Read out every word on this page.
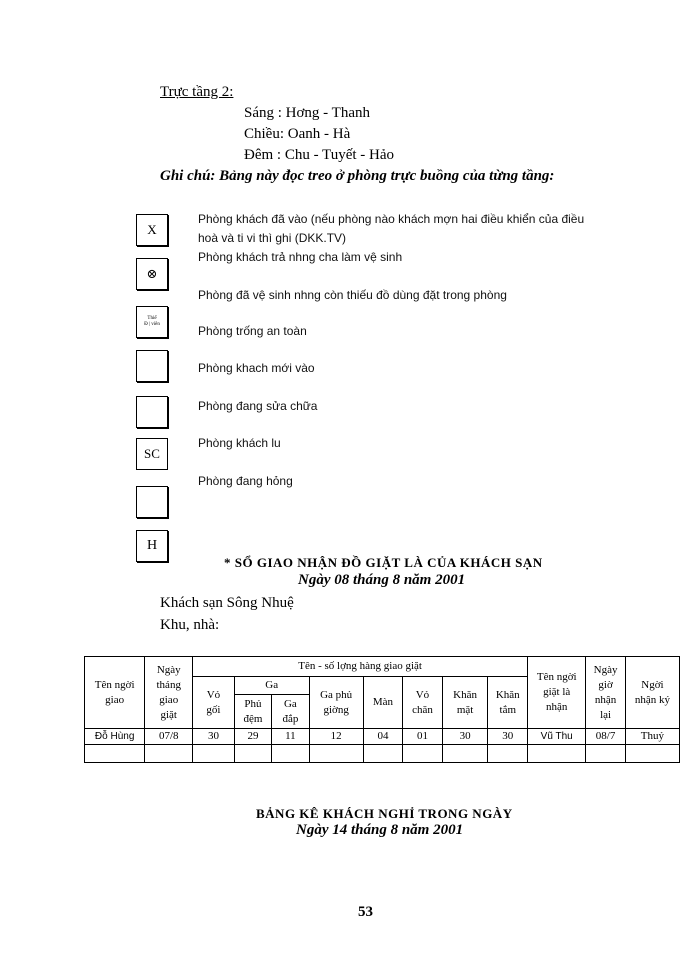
Trực tầng 2:
Sáng : Hơng - Thanh
Chiều: Oanh - Hà
Đêm : Chu - Tuyết - Hảo
Ghi chú: Bảng này đọc treo ở phòng trực buồng của từng tầng:
X
⊗
Thiế
Đ | viên
SC
H
Phòng khách đã vào (nếu phòng nào khách mợn hai điều khiển của điều
hoà và ti vi thì ghi (DKK.TV)
Phòng khách trả nhng cha làm vệ sinh
Phòng đã vệ sinh nhng còn thiếu đồ dùng đặt trong phòng
Phòng trống an toàn
Phòng khach mới vào
Phòng đang sửa chữa
Phòng khách lu
Phòng đang hỏng
* SỔ GIAO NHẬN ĐỒ GIẶT LÀ CỦA KHÁCH SẠN
Ngày 08 tháng 8 năm 2001
Khách sạn Sông Nhuệ
Khu, nhà:
Tên ngời giao	Ngày tháng giao giặt	Tên - số lợng hàng giao giặt								Tên ngời giặt là nhận	Ngày giờ nhận lại	Ngời nhận ký
		Vỏ gối	Ga		Ga phủ giờng	Màn	Vỏ chăn	Khăn mặt	Khăn tắm			
			Phủ đệm	Ga đắp								
Đỗ Hùng	07/8	30	29	11	12	04	01	30	30	Vũ Thu	08/7	Thuỷ

BẢNG KÊ KHÁCH NGHỈ TRONG NGÀY
Ngày 14 tháng 8 năm 2001
53
